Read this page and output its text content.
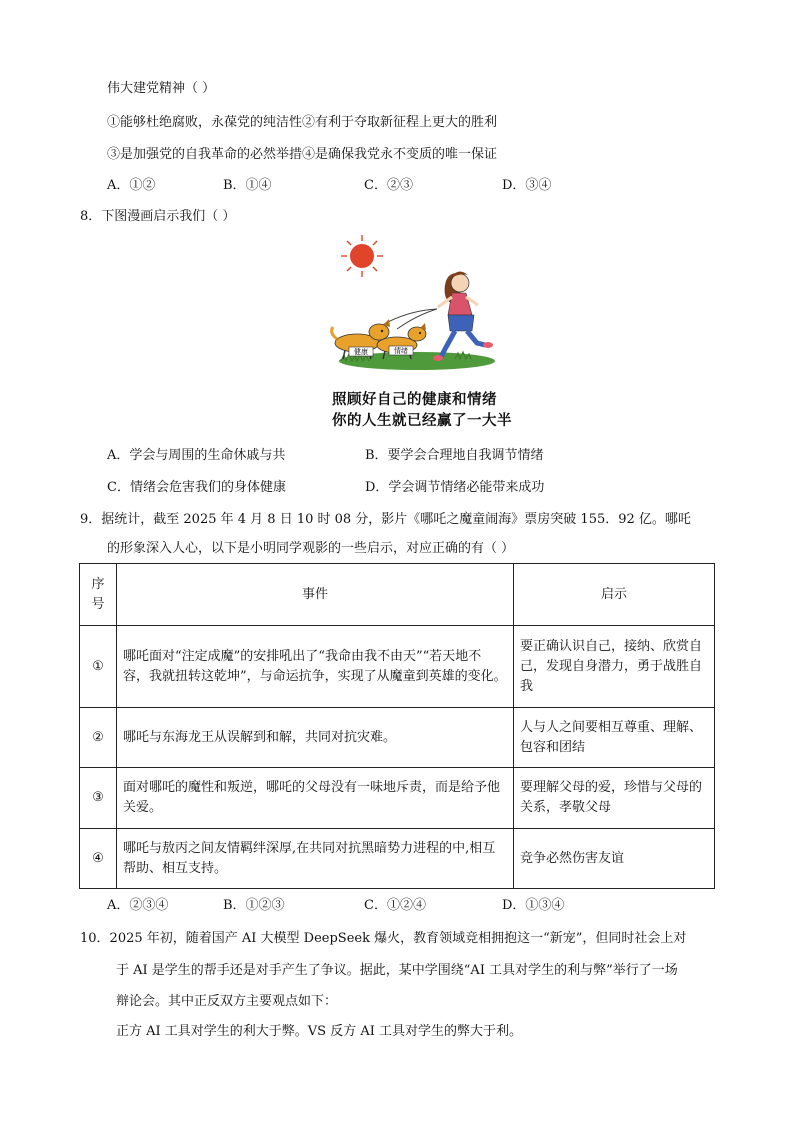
伟大建党精神（ ）
①能够杜绝腐败，永葆党的纯洁性②有利于夺取新征程上更大的胜利
③是加强党的自我革命的必然举措④是确保我党永不变质的唯一保证
A．①②	B．①④	C．②③	D．③④
8．下图漫画启示我们（ ）
健康	情绪
照顾好自己的健康和情绪
你的人生就已经赢了一大半
A．学会与周围的生命休戚与共	B．要学会合理地自我调节情绪
C．情绪会危害我们的身体健康	D．学会调节情绪必能带来成功
9．据统计，截至 2025 年 4 月 8 日 10 时 08 分，影片《哪吒之魔童闹海》票房突破 155．92 亿。哪吒
的形象深入人心，以下是小明同学观影的一些启示，对应正确的有（ ）
序号	事件	启示
①	哪吒面对“注定成魔”的安排吼出了“我命由我不由天”“若天地不容，我就扭转这乾坤”，与命运抗争，实现了从魔童到英雄的变化。	要正确认识自己，接纳、欣赏自己，发现自身潜力，勇于战胜自我
②	哪吒与东海龙王从误解到和解，共同对抗灾难。	人与人之间要相互尊重、理解、包容和团结
③	面对哪吒的魔性和叛逆，哪吒的父母没有一味地斥责，而是给予他关爱。	要理解父母的爱，珍惜与父母的关系，孝敬父母
④	哪吒与敖丙之间友情羁绊深厚,在共同对抗黑暗势力进程的中,相互帮助、相互支持。	竞争必然伤害友谊
A．②③④	B．①②③	C．①②④	D．①③④
10．2025 年初，随着国产 AI 大模型 DeepSeek 爆火，教育领域竞相拥抱这一“新宠”，但同时社会上对
于 AI 是学生的帮手还是对手产生了争议。据此，某中学围绕“AI 工具对学生的利与弊”举行了一场
辩论会。其中正反双方主要观点如下：
正方 AI 工具对学生的利大于弊。VS 反方 AI 工具对学生的弊大于利。
